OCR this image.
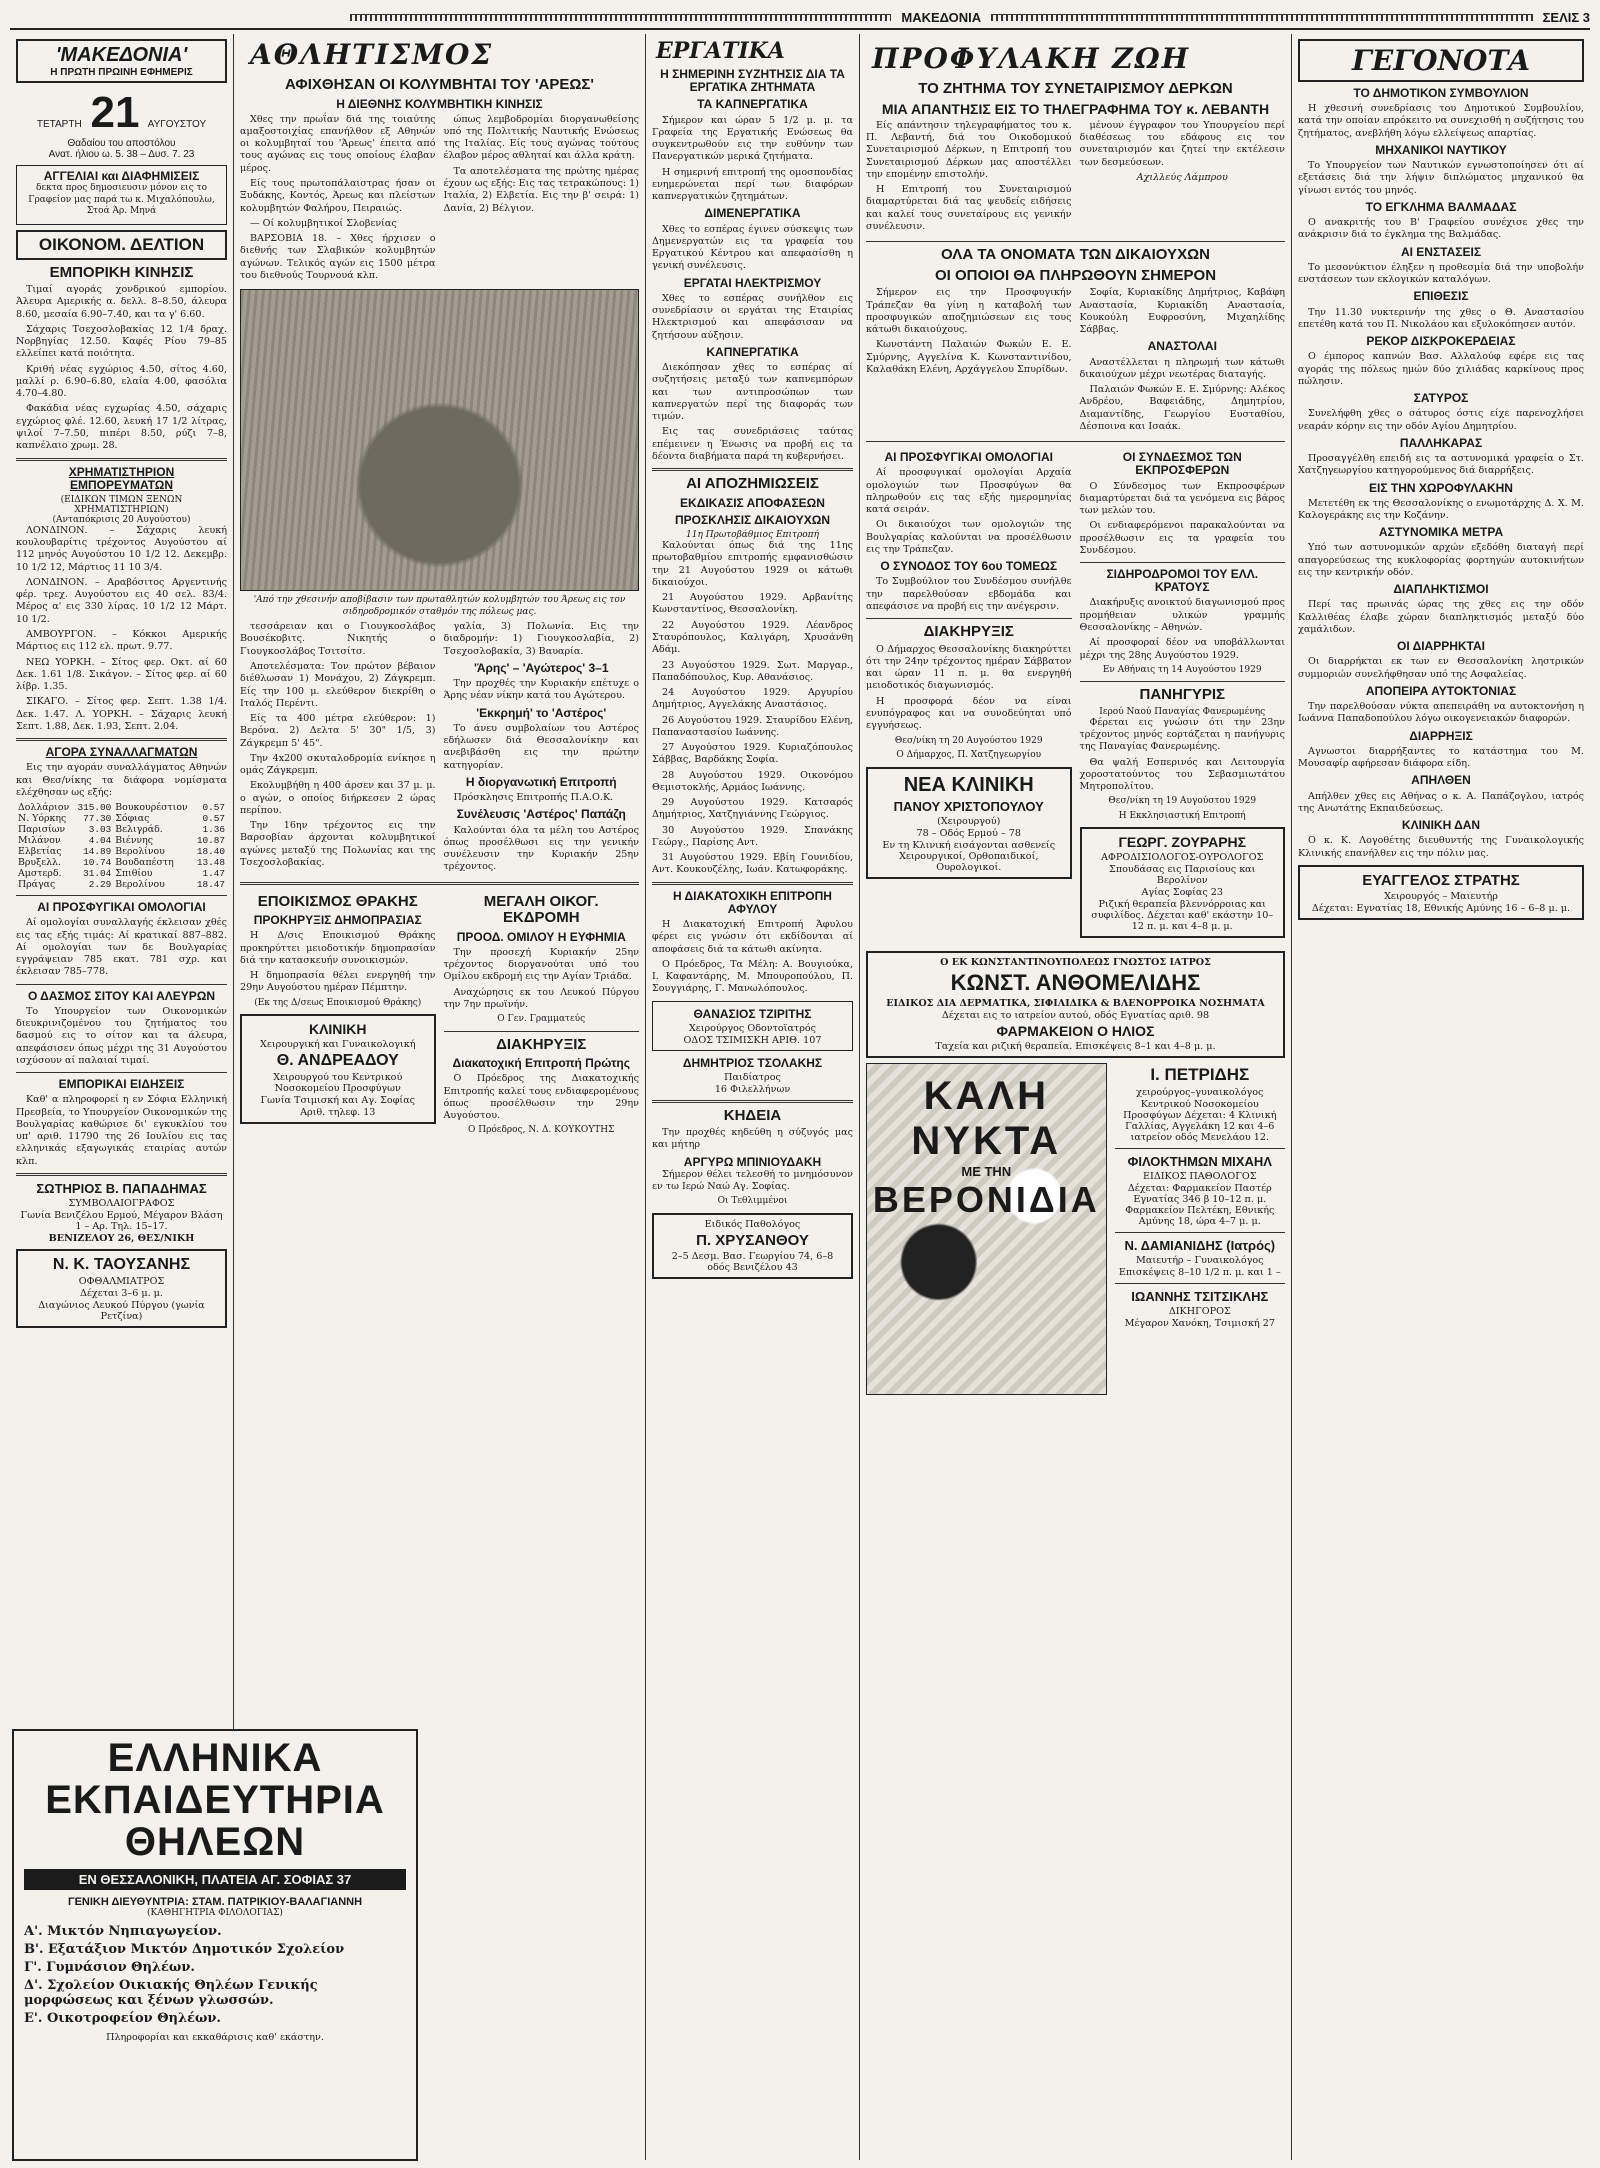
ΜΑΚΕΔΟΝΙΑ	ΣΕΛΙΣ 3
'ΜΑΚΕΔΟΝΙΑ'
Η ΠΡΩΤΗ ΠΡΩΙΝΗ ΕΦΗΜΕΡΙΣ
ΤΕΤΑΡΤΗ 21 ΑΥΓΟΥΣΤΟΥ
Θαδαίου του αποστόλου
Ανατ. ήλιου ω. 5. 38 – Δυσ. 7. 23
ΑΓΓΕΛΙΑΙ και ΔΙΑΦΗΜΙΣΕΙΣ

δεκτα προς δημοσιευσιν μόνον εις το Γραφείον μας παρά τω κ. Μιχαλόπουλω, Στοά Άρ. Μηνά

ΟΙΚΟΝΟΜ. ΔΕΛΤΙΟΝ
ΕΜΠΟΡΙΚΗ ΚΙΝΗΣΙΣ

Τιμαί αγοράς χονδρικού εμπορίου. Άλευρα Αμερικής α. δελλ. 8–8.50, άλευρα 8.60, μεσαία 6.90–7.40, και τα γ' 6.60.

Σάχαρις Τσεχοσλοβακίας 12 1/4 δραχ. Νορβηγίας 12.50. Καφές Ρίου 79–85 ελλείπει κατά ποιότητα.

Κριθή νέας εγχώριος 4.50, σίτος 4.60, μαλλί ρ. 6.90–6.80, ελαία 4.00, φασόλια 4.70–4.80.

Φακάδια νέας εγχωρίας 4.50, σάχαρις εγχώριος φλέ. 12.60, λευκή 17 1/2 λίτρας, ψιλοί 7–7.50, πιπέρι 8.50, ρύζι 7–8, καπνέλαιο χρωμ. 28.

ΧΡΗΜΑΤΙΣΤΗΡΙΟΝ ΕΜΠΟΡΕΥΜΑΤΩΝ
(ΕΙΔΙΚΩΝ ΤΙΜΩΝ ΞΕΝΩΝ ΧΡΗΜΑΤΙΣΤΗΡΙΩΝ)
(Ανταπόκρισις 20 Αυγούστου)

ΛΟΝΔΙΝΟΝ. – Σάχαρις λευκή κουλουβαρίτις τρέχοντος Αυγούστου αί 112 μηνός Αυγούστου 10 1/2 12. Δεκεμβρ. 10 1/2 12, Μάρτιος 11 10 3/4.

ΛΟΝΔΙΝΟΝ. – Αραβόσιτος Αργεντινής φέρ. τρεχ. Αυγούστου εις 40 σελ. 83/4. Μέρος α' εις 330 λίρας. 10 1/2 12 Μάρτ. 10 1/2.

ΑΜΒΟΥΡΓΟΝ. – Κόκκοι Αμερικής Μάρτιος εις 112 ελ. πρωτ. 9.77.

ΝΕΩ ΥΟΡΚΗ. – Σίτος φερ. Οκτ. αί 60 Δεκ. 1.61 1/8. Σικάγον. – Σίτος φερ. αί 60 λίβρ. 1.35.

ΣΙΚΑΓΟ. – Σίτος φερ. Σεπτ. 1.38 1/4. Δεκ. 1.47. Λ. ΥΟΡΚΗ. – Σάχαρις λευκή Σεπτ. 1.88, Δεκ. 1.93, Σεπτ. 2.04.

ΑΓΟΡΑ ΣΥΝΑΛΛΑΓΜΑΤΩΝ

Εις την αγοράν συναλλάγματος Αθηνών και Θεσ/νίκης τα διάφορα νομίσματα ελέχθησαν ως εξής:

Δολλάριον	315.00	Βουκουρέστιον	0.57
Ν. Υόρκης	77.30	Σόφιας	0.57
Παρισίων	3.03	Βελιγράδ.	1.36
Μιλάνον	4.04	Βιέννης	10.87
Ελβετίας	14.89	Βερολίνου	18.40
Βρυξελλ.	10.74	Βουδαπέστη	13.48
Αμστερδ.	31.04	Σπιθίου	1.47
Πράγας	2.29	Βερολίνου	18.47
ΑΙ ΠΡΟΣΦΥΓΙΚΑΙ ΟΜΟΛΟΓΙΑΙ

Αί ομολογίαι συναλλαγής έκλεισαν χθές εις τας εξής τιμάς: Αί κρατικαί 887–882. Αί ομολογίαι των δε Βουλγαρίας εγγράψειαν 785 εκατ. 781 σχρ. και έκλεισαν 785–778.

Ο ΔΑΣΜΟΣ ΣΙΤΟΥ ΚΑΙ ΑΛΕΥΡΩΝ

Το Υπουργείον των Οικονομικών διευκρινιζομένου του ζητήματος του δασμού εις το σίτον και τα άλευρα, απεφάσισεν όπως μέχρι της 31 Αυγούστου ισχύσουν αί παλαιαί τιμαί.

ΕΜΠΟΡΙΚΑΙ ΕΙΔΗΣΕΙΣ

Καθ' α πληροφορεί η εν Σόφια Ελληνική Πρεσβεία, το Υπουργείον Οικονομικών της Βουλγαρίας καθώρισε δι' εγκυκλίου του υπ' αριθ. 11790 της 26 Ιουλίου εις τας ελληνικάς εξαγωγικάς εταιρίας αυτών κλπ.

ΣΩΤΗΡΙΟΣ Β. ΠΑΠΑΔΗΜΑΣ
ΣΥΜΒΟΛΑΙΟΓΡΑΦΟΣ
Γωνία Βενιζέλου Ερμού, Μέγαρον Βλάση 1 – Αρ. Τηλ. 15–17.
ΒΕΝΙΖΕΛΟΥ 26, ΘΕΣ/ΝΙΚΗ
Ν. Κ. ΤΑΟΥΣΑΝΗΣ
ΟΦΘΑΛΜΙΑΤΡΟΣ
Δέχεται 3–6 μ. μ.
Διαγώνιος Λευκού Πύργου (γωνία Ρετζίνα)
ΑΘΛΗΤΙΣΜΟΣ
ΑΦΙΧΘΗΣΑΝ ΟΙ ΚΟΛΥΜΒΗΤΑΙ ΤΟΥ 'ΑΡΕΩΣ'
Η ΔΙΕΘΝΗΣ ΚΟΛΥΜΒΗΤΙΚΗ ΚΙΝΗΣΙΣ

Χθες την πρωΐαν διά της τοιαύτης αμαξοστοιχίας επανήλθον εξ Αθηνών οι κολυμβηταί του 'Άρεως' έπειτα από τους αγώνας εις τους οποίους έλαβαν μέρος.

Είς τους πρωτοπάλαιστρας ήσαν οι Ξυδάκης, Κοντός, Άρεως και πλείστων κολυμβητών Φαλήρου, Πειραιώς.

— Οί κολυμβητικοί Σλοβενίας

ΒΑΡΣΟΒΙΑ 18. – Χθες ήρχισεν ο διεθνής των Σλαβικών κολυμβητών αγώνων. Τελικός αγών εις 1500 μέτρα του διεθνούς Τουρνουά κλπ.

ώπως λεμβοδρομίαι διοργανωθείσης υπό της Πολιτικής Ναυτικής Ενώσεως της Ιταλίας. Είς τους αγώνας τούτους έλαβον μέρος αθληταί και άλλα κράτη.

Τα αποτελέσματα της πρώτης ημέρας έχουν ως εξής: Εις τας τετρακώπους: 1) Ιταλία, 2) Ελβετία. Εις την β' σειρά: 1) Δανία, 2) Βέλγιον.

'Από την χθεσινήν αποβίβασιν των πρωταθλητών κολυμβητών του Άρεως εις τον σιδηροδρομικόν σταθμόν της πόλεως μας.

τεσσάρειαν και ο Γιουγκοσλάβος Βουσέκοβιτς. Νικητής ο Γιουγκοσλάβος Τσιτσίτσ.

Αποτελέσματα: Τον πρώτον βέβαιον διέθλωσαν 1) Μονάχου, 2) Ζάγκρεμπ. Είς την 100 μ. ελεύθερον διεκρίθη ο Ιταλός Περέντι.

Είς τα 400 μέτρα ελεύθερον: 1) Βερόνα. 2) Δελτα 5' 30" 1/5, 3) Ζάγκρεμπ 5' 45".

Την 4x200 σκυταλοδρομία ενίκησε η ομάς Ζάγκρεμπ.

Εκολυμβήθη η 400 άρσεν και 37 μ. μ. ο αγών, ο οποίος διήρκεσεν 2 ώρας περίπου.

Την 16ην τρέχοντος εις την Βαρσοβίαν άρχονται κολυμβητικοί αγώνες μεταξύ της Πολωνίας και της Τσεχοσλοβακίας.

γαλία, 3) Πολωνία. Εις την διαδρομήν: 1) Γιουγκοσλαβία, 2) Τσεχοσλοβακία, 3) Βαυαρία.

'Άρης' – 'Αγώτερος' 3–1

Την προχθές την Κυριακήν επέτυχε ο Άρης νέαν νίκην κατά του Αγώτερου.

'Εκκρημή' το 'Αστέρος'

Το άνευ συμβολαίων του Αστέρος εδήλωσεν διά Θεσσαλονίκην και ανεβιβάσθη εις την πρώτην κατηγορίαν.

Η διοργανωτική Επιτροπή

Πρόσκλησις Επιτροπής Π.Α.Ο.Κ.

Συνέλευσις 'Αστέρος' Παπάζη

Καλούνται όλα τα μέλη του Αστέρος όπως προσέλθωσι εις την γενικήν συνέλευσιν την Κυριακήν 25ην τρέχοντος.

ΕΠΟΙΚΙΣΜΟΣ ΘΡΑΚΗΣ
ΠΡΟΚΗΡΥΞΙΣ ΔΗΜΟΠΡΑΣΙΑΣ

Η Δ/σις Εποικισμού Θράκης προκηρύττει μειοδοτικήν δημοπρασίαν διά την κατασκευήν συνοικισμών.

Η δημοπρασία θέλει ενεργηθή την 29ην Αυγούστου ημέραν Πέμπτην.

(Εκ της Δ/σεως Εποικισμού Θράκης)

ΚΛΙΝΙΚΗ
Χειρουργική και Γυναικολογική
Θ. ΑΝΔΡΕΑΔΟΥ
Χειρουργού του Κεντρικού Νοσοκομείου Προσφύγων
Γωνία Τσιμισκή και Αγ. Σοφίας
Αριθ. τηλεφ. 13
ΜΕΓΑΛΗ ΟΙΚΟΓ. ΕΚΔΡΟΜΗ
ΠΡΟΟΔ. ΟΜΙΛΟΥ Η ΕΥΦΗΜΙΑ

Την προσεχή Κυριακήν 25ην τρέχοντος διοργανούται υπό του Ομίλου εκδρομή εις την Αγίαν Τριάδα.

Αναχώρησις εκ του Λευκού Πύργου την 7ην πρωϊνήν.

Ο Γεν. Γραμματεύς

ΔΙΑΚΗΡΥΞΙΣ
Διακατοχική Επιτροπή Πρώτης

Ο Πρόεδρος της Διακατοχικής Επιτροπής καλεί τους ενδιαφερομένους όπως προσέλθωσιν την 29ην Αυγούστου.

Ο Πρόεδρος, Ν. Δ. ΚΟΥΚΟΥΤΗΣ

ΕΡΓΑΤΙΚΑ
Η ΣΗΜΕΡΙΝΗ ΣΥΖΗΤΗΣΙΣ ΔΙΑ ΤΑ ΕΡΓΑΤΙΚΑ ΖΗΤΗΜΑΤΑ
ΤΑ ΚΑΠΝΕΡΓΑΤΙΚΑ

Σήμερον και ώραν 5 1/2 μ. μ. τα Γραφεία της Εργατικής Ενώσεως θα συγκεντρωθούν εις την ευθύνην των Πανεργατικών μερικά ζητήματα.

Η σημερινή επιτροπή της ομοσπονδίας ενημερώνεται περί των διαφόρων καπνεργατικών ζητημάτων.

ΔΙΜΕΝΕΡΓΑΤΙΚΑ

Χθες το εσπέρας έγινεν σύσκεψις των Δημενεργατών εις τα γραφεία του Εργατικού Κέντρου και απεφασίσθη η γενική συνέλευσις.

ΕΡΓΑΤΑΙ ΗΛΕΚΤΡΙΣΜΟΥ

Χθες το εσπέρας συνήλθον εις συνεδρίασιν οι εργάται της Εταιρίας Ηλεκτρισμού και απεφάσισαν να ζητήσουν αύξησιν.

ΚΑΠΝΕΡΓΑΤΙΚΑ

Διεκόπησαν χθες το εσπέρας αί συζητήσεις μεταξύ των καπνεμπόρων και των αντιπροσώπων των καπνεργατών περί της διαφοράς των τιμών.

Εις τας συνεδριάσεις ταύτας επέμεινεν η Ένωσις να προβή εις τα δέοντα διαβήματα παρά τη κυβερνήσει.

ΑΙ ΑΠΟΖΗΜΙΩΣΕΙΣ
ΕΚΔΙΚΑΣΙΣ ΑΠΟΦΑΣΕΩΝ
ΠΡΟΣΚΛΗΣΙΣ ΔΙΚΑΙΟΥΧΩΝ
11η Πρωτοβάθμιος Επιτροπή

Καλούνται όπως διά της 11ης πρωτοβαθμίου επιτροπής εμφανισθώσιν την 21 Αυγούστου 1929 οι κάτωθι δικαιούχοι.

21 Αυγούστου 1929. Αρβανίτης Κωνσταντίνος, Θεσσαλονίκη.

22 Αυγούστου 1929. Λέανδρος Σταυρόπουλος, Καλιγάρη, Χρυσάνθη Αδάμ.

23 Αυγούστου 1929. Σωτ. Μαργαρ., Παπαδόπουλος, Κυρ. Αθανάσιος.

24 Αυγούστου 1929. Αργυρίου Δημήτριος, Αγγελάκης Αναστάσιος.

26 Αυγούστου 1929. Σταυρίδου Ελένη, Παπαναστασίου Ιωάννης.

27 Αυγούστου 1929. Κυριαζόπουλος Σάββας, Βαρδάκης Σοφία.

28 Αυγούστου 1929. Οικονόμου Θεμιστοκλής, Αρμάος Ιωάννης.

29 Αυγούστου 1929. Κατσαρός Δημήτριος, Χατζηγιάννης Γεώργιος.

30 Αυγούστου 1929. Σπανάκης Γεώργ., Παρίσης Αντ.

31 Αυγούστου 1929. Εβίη Γουνιδίου, Αντ. Κουκουζέλης, Ιωάν. Κατωφοράκης.

Η ΔΙΑΚΑΤΟΧΙΚΗ ΕΠΙΤΡΟΠΗ ΑΦΥΛΟΥ

Η Διακατοχική Επιτροπή Άφυλου φέρει εις γνώσιν ότι εκδίδονται αί αποφάσεις διά τα κάτωθι ακίνητα.

Ο Πρόεδρος, Τα Μέλη: Α. Βουγιούκα, Ι. Καφαντάρης, Μ. Μπουροπούλου, Π. Σουγγιάρης, Γ. Μανωλόπουλος.

ΘΑΝΑΣΙΟΣ ΤΖΙΡΙΤΗΣ
Χειρούργος Οδοντοϊατρός
ΟΔΟΣ ΤΣΙΜΙΣΚΗ ΑΡΙΘ. 107
ΔΗΜΗΤΡΙΟΣ ΤΣΟΛΑΚΗΣ
Παιδίατρος
16 Φιλελλήνων
ΚΗΔΕΙΑ

Την προχθές κηδεύθη η σύζυγός μας και μήτηρ

ΑΡΓΥΡΩ ΜΠΙΝΙΟΥΔΑΚΗ

Σήμερον θέλει τελεσθή το μνημόσυνον εν τω Ιερώ Ναώ Αγ. Σοφίας.

Οι Τεθλιμμένοι

Ειδικός Παθολόγος
Π. ΧΡΥΣΑΝΘΟΥ
2–5 Δεσμ. Βασ. Γεωργίου 74, 6–8 οδός Βενιζέλου 43
ΠΡΟΦΥΛΑΚΗ ΖΩΗ
ΤΟ ΖΗΤΗΜΑ ΤΟΥ ΣΥΝΕΤΑΙΡΙΣΜΟΥ ΔΕΡΚΩΝ
ΜΙΑ ΑΠΑΝΤΗΣΙΣ ΕΙΣ ΤΟ ΤΗΛΕΓΡΑΦΗΜΑ ΤΟΥ κ. ΛΕΒΑΝΤΗ

Είς απάντησιν τηλεγραφήματος του κ. Π. Λεβαντή, διά του Οικοδομικού Συνεταιρισμού Δέρκων, η Επιτροπή του Συνεταιρισμού Δέρκων μας αποστέλλει την επομένην επιστολήν.

Η Επιτροπή του Συνεταιρισμού διαμαρτύρεται διά τας ψευδείς ειδήσεις και καλεί τους συνεταίρους εις γενικήν συνέλευσιν.

μένουν έγγραφον του Υπουργείου περί διαθέσεως του εδάφους εις τον συνεταιρισμόν και ζητεί την εκτέλεσιν των δεσμεύσεων.

Αχιλλεύς Λάμπρου

ΟΛΑ ΤΑ ΟΝΟΜΑΤΑ ΤΩΝ ΔΙΚΑΙΟΥΧΩΝ
ΟΙ ΟΠΟΙΟΙ ΘΑ ΠΛΗΡΩΘΟΥΝ ΣΗΜΕΡΟΝ

Σήμερον εις την Προσφυγικήν Τράπεζαν θα γίνη η καταβολή των προσφυγικών αποζημιώσεων εις τους κάτωθι δικαιούχους.

Κωνστάντη Παλαιών Φωκών Ε. Ε. Σμύρνης, Αγγελίνα Κ. Κωνσταντινίδου, Καλαθάκη Ελένη, Αρχάγγελου Σπυρίδων.

Σοφία, Κυριακίδης Δημήτριος, Καβάφη Αναστασία, Κυριακίδη Αναστασία, Κουκούλη Ευφροσύνη, Μιχαηλίδης Σάββας.

ΑΝΑΣΤΟΛΑΙ

Αναστέλλεται η πληρωμή των κάτωθι δικαιούχων μέχρι νεωτέρας διαταγής.

Παλαιών Φωκών Ε. Ε. Σμύρνης: Αλέκος Ανδρέου, Βαφειάδης, Δημητρίου, Διαμαντίδης, Γεωργίου Ευσταθίου, Δέσποινα και Ισαάκ.

ΑΙ ΠΡΟΣΦΥΓΙΚΑΙ ΟΜΟΛΟΓΙΑΙ

Αί προσφυγικαί ομολογίαι Αρχαία ομολογιών των Προσφύγων θα πληρωθούν εις τας εξής ημερομηνίας κατά σειράν.

Οι δικαιούχοι των ομολογιών της Βουλγαρίας καλούνται να προσέλθωσιν εις την Τράπεζαν.

Ο ΣΥΝΟΔΟΣ ΤΟΥ 6ου ΤΟΜΕΩΣ

Το Συμβούλιον του Συνδέσμου συνήλθε την παρελθούσαν εβδομάδα και απεφάσισε να προβή εις την ανέγερσιν.

ΔΙΑΚΗΡΥΞΙΣ

Ο Δήμαρχος Θεσσαλονίκης διακηρύττει ότι την 24ην τρέχοντος ημέραν Σάββατον και ώραν 11 π. μ. θα ενεργηθή μειοδοτικός διαγωνισμός.

Η προσφορά δέον να είναι ενυπόγραφος και να συνοδεύηται υπό εγγυήσεως.

Θεσ/νίκη τη 20 Αυγούστου 1929

Ο Δήμαρχος, Π. Χατζηγεωργίου

ΝΕΑ ΚΛΙΝΙΚΗ
ΠΑΝΟΥ ΧΡΙΣΤΟΠΟΥΛΟΥ
(Χειρουργού)
78 – Οδός Ερμού – 78
Εν τη Κλινική εισάγονται ασθενείς Χειρουργικοί, Ορθοπαιδικοί, Ουρολογικοί.
ΟΙ ΣΥΝΔΕΣΜΟΣ ΤΩΝ ΕΚΠΡΟΣΦΕΡΩΝ

Ο Σύνδεσμος των Εκπροσφέρων διαμαρτύρεται διά τα γενόμενα εις βάρος των μελών του.

Οι ενδιαφερόμενοι παρακαλούνται να προσέλθωσιν εις τα γραφεία του Συνδέσμου.

ΣΙΔΗΡΟΔΡΟΜΟΙ ΤΟΥ ΕΛΛ. ΚΡΑΤΟΥΣ

Διακήρυξις ανοικτού διαγωνισμού προς προμήθειαν υλικών γραμμής Θεσσαλονίκης – Αθηνών.

Αί προσφοραί δέον να υποβάλλωνται μέχρι της 28ης Αυγούστου 1929.

Εν Αθήναις τη 14 Αυγούστου 1929

ΠΑΝΗΓΥΡΙΣ
Ιερού Ναού Παναγίας Φανερωμένης

Φέρεται εις γνώσιν ότι την 23ην τρέχοντος μηνός εορτάζεται η πανήγυρις της Παναγίας Φανερωμένης.

Θα ψαλή Εσπερινός και Λειτουργία χοροστατούντος του Σεβασμιωτάτου Μητροπολίτου.

Θεσ/νίκη τη 19 Αυγούστου 1929

Η Εκκλησιαστική Επιτροπή

ΓΕΩΡΓ. ΖΟΥΡΑΡΗΣ
ΑΦΡΟΔΙΣΙΟΛΟΓΟΣ-ΟΥΡΟΛΟΓΟΣ
Σπουδάσας εις Παρισίους και Βερολίνον
Αγίας Σοφίας 23
Ριζική θεραπεία βλεννόρροιας και συφιλίδος. Δέχεται καθ' εκάστην 10–12 π. μ. και 4–8 μ. μ.
Ο ΕΚ ΚΩΝΣΤΑΝΤΙΝΟΥΠΟΛΕΩΣ ΓΝΩΣΤΟΣ ΙΑΤΡΟΣ
ΚΩΝΣΤ. ΑΝΘΟΜΕΛΙΔΗΣ
ΕΙΔΙΚΟΣ ΔΙΑ ΔΕΡΜΑΤΙΚΑ, ΣΙΦΙΛΙΔΙΚΑ & ΒΛΕΝΟΡΡΟΙΚΑ ΝΟΣΗΜΑΤΑ
Δέχεται εις το ιατρείον αυτού, οδός Εγνατίας αριθ. 98
ΦΑΡΜΑΚΕΙΟΝ Ο ΗΛΙΟΣ
Ταχεία και ριζική θεραπεία. Επισκέψεις 8–1 και 4–8 μ. μ.
ΚΑΛΗ ΝΥΚΤΑ
ΜΕ ΤΗΝ
ΒΕΡΟΝΙΔΙΑ
Ι. ΠΕΤΡΙΔΗΣ
χειρούργος–γυναικολόγος
Κεντρικού Νοσοκομείου Προσφύγων Δέχεται: 4 Κλινική Γαλλίας, Αγγελάκη 12 και 4–6 ιατρείον οδός Μενελάου 12.
ΦΙΛΟΚΤΗΜΩΝ ΜΙΧΑΗΛ
ΕΙΔΙΚΟΣ ΠΑΘΟΛΟΓΟΣ
Δέχεται: Φαρμακείον Παστέρ Εγνατίας 346 β 10–12 π. μ. Φαρμακείον Πελτέκη, Εθνικής Αμύνης 18, ώρα 4–7 μ. μ.
Ν. ΔΑΜΙΑΝΙΔΗΣ (Ιατρός)
Μαιευτήρ – Γυναικολόγος
Επισκέψεις 8–10 1/2 π. μ. και 1 –
ΙΩΑΝΝΗΣ ΤΣΙΤΣΙΚΛΗΣ
ΔΙΚΗΓΟΡΟΣ
Μέγαρον Χανόκη, Τσιμισκή 27
ΓΕΓΟΝΟΤΑ
ΤΟ ΔΗΜΟΤΙΚΟΝ ΣΥΜΒΟΥΛΙΟΝ

Η χθεσινή συνεδρίασις του Δημοτικού Συμβουλίου, κατά την οποίαν επρόκειτο να συνεχισθή η συζήτησις του ζητήματος, ανεβλήθη λόγω ελλείψεως απαρτίας.

ΜΗΧΑΝΙΚΟΙ ΝΑΥΤΙΚΟΥ

Το Υπουργείον των Ναυτικών εγνωστοποίησεν ότι αί εξετάσεις διά την λήψιν διπλώματος μηχανικού θα γίνωσι εντός του μηνός.

ΤΟ ΕΓΚΛΗΜΑ ΒΑΛΜΑΔΑΣ

Ο ανακριτής του Β' Γραφείου συνέχισε χθες την ανάκρισιν διά το έγκλημα της Βαλμάδας.

ΑΙ ΕΝΣΤΑΣΕΙΣ

Το μεσονύκτιον έληξεν η προθεσμία διά την υποβολήν ενστάσεων των εκλογικών καταλόγων.

ΕΠΙΘΕΣΙΣ

Την 11.30 νυκτερινήν της χθες ο Θ. Αναστασίου επετέθη κατά του Π. Νικολάου και εξυλοκόπησεν αυτόν.

ΡΕΚΟΡ ΔΙΣΚΡΟΚΕΡΔΕΙΑΣ

Ο έμπορος καπνών Βασ. Αλλαλούφ εφέρε εις τας αγοράς της πόλεως ημών δύο χιλιάδας καρκίνους προς πώλησιν.

ΣΑΤΥΡΟΣ

Συνελήφθη χθες ο σάτυρος όστις είχε παρενοχλήσει νεαράν κόρην εις την οδόν Αγίου Δημητρίου.

ΠΑΛΛΗΚΑΡΑΣ

Προσαγγέλθη επειδή εις τα αστυνομικά γραφεία ο Στ. Χατζηγεωργίου κατηγορούμενος διά διαρρήξεις.

ΕΙΣ ΤΗΝ ΧΩΡΟΦΥΛΑΚΗΝ

Μετετέθη εκ της Θεσσαλονίκης ο ενωμοτάρχης Δ. Χ. Μ. Καλογεράκης εις την Κοζάνην.

ΑΣΤΥΝΟΜΙΚΑ ΜΕΤΡΑ

Υπό των αστυνομικών αρχών εξεδόθη διαταγή περί απαγορεύσεως της κυκλοφορίας φορτηγών αυτοκινήτων εις την κεντρικήν οδόν.

ΔΙΑΠΛΗΚΤΙΣΜΟΙ

Περί τας πρωινάς ώρας της χθες εις την οδόν Καλλιθέας έλαβε χώραν διαπληκτισμός μεταξύ δύο χαμάλιδων.

ΟΙ ΔΙΑΡΡΗΚΤΑΙ

Οι διαρρήκται εκ των εν Θεσσαλονίκη ληστρικών συμμοριών συνελήφθησαν υπό της Ασφαλείας.

ΑΠΟΠΕΙΡΑ ΑΥΤΟΚΤΟΝΙΑΣ

Την παρελθούσαν νύκτα απεπειράθη να αυτοκτονήση η Ιωάννα Παπαδοπούλου λόγω οικογενειακών διαφορών.

ΔΙΑΡΡΗΞΙΣ

Αγνωστοι διαρρήξαντες το κατάστημα του Μ. Μουσαφίρ αφήρεσαν διάφορα είδη.

ΑΠΗΛΘΕΝ

Απήλθεν χθες εις Αθήνας ο κ. Α. Παπάζογλου, ιατρός της Ανωτάτης Εκπαιδεύσεως.

ΚΛΙΝΙΚΗ ΔΑΝ

Ο κ. Κ. Λογοθέτης διευθυντής της Γυναικολογικής Κλινικής επανήλθεν εις την πόλιν μας.

ΕΥΑΓΓΕΛΟΣ ΣΤΡΑΤΗΣ
Χειρουργός – Μαιευτήρ
Δέχεται: Εγνατίας 18, Εθνικής Αμύνης 16 – 6–8 μ. μ.
ΕΛΛΗΝΙΚΑ ΕΚΠΑΙΔΕΥΤΗΡΙΑ ΘΗΛΕΩΝ
ΕΝ ΘΕΣΣΑΛΟΝΙΚΗ, ΠΛΑΤΕΙΑ ΑΓ. ΣΟΦΙΑΣ 37
ΓΕΝΙΚΗ ΔΙΕΥΘΥΝΤΡΙΑ: ΣΤΑΜ. ΠΑΤΡΙΚΙΟΥ-ΒΑΛΑΓΙΑΝΝΗ
(ΚΑΘΗΓΗΤΡΙΑ ΦΙΛΟΛΟΓΙΑΣ)
Α'. Μικτόν Νηπιαγωγείον.
Β'. Εξατάξιον Μικτόν Δημοτικόν Σχολείον
Γ'. Γυμνάσιον Θηλέων.
Δ'. Σχολείον Οικιακής Θηλέων Γενικής μορφώσεως και ξένων γλωσσών.
Ε'. Οικοτροφείον Θηλέων.

Πληροφορίαι και εκκαθάρισις καθ' εκάστην.
